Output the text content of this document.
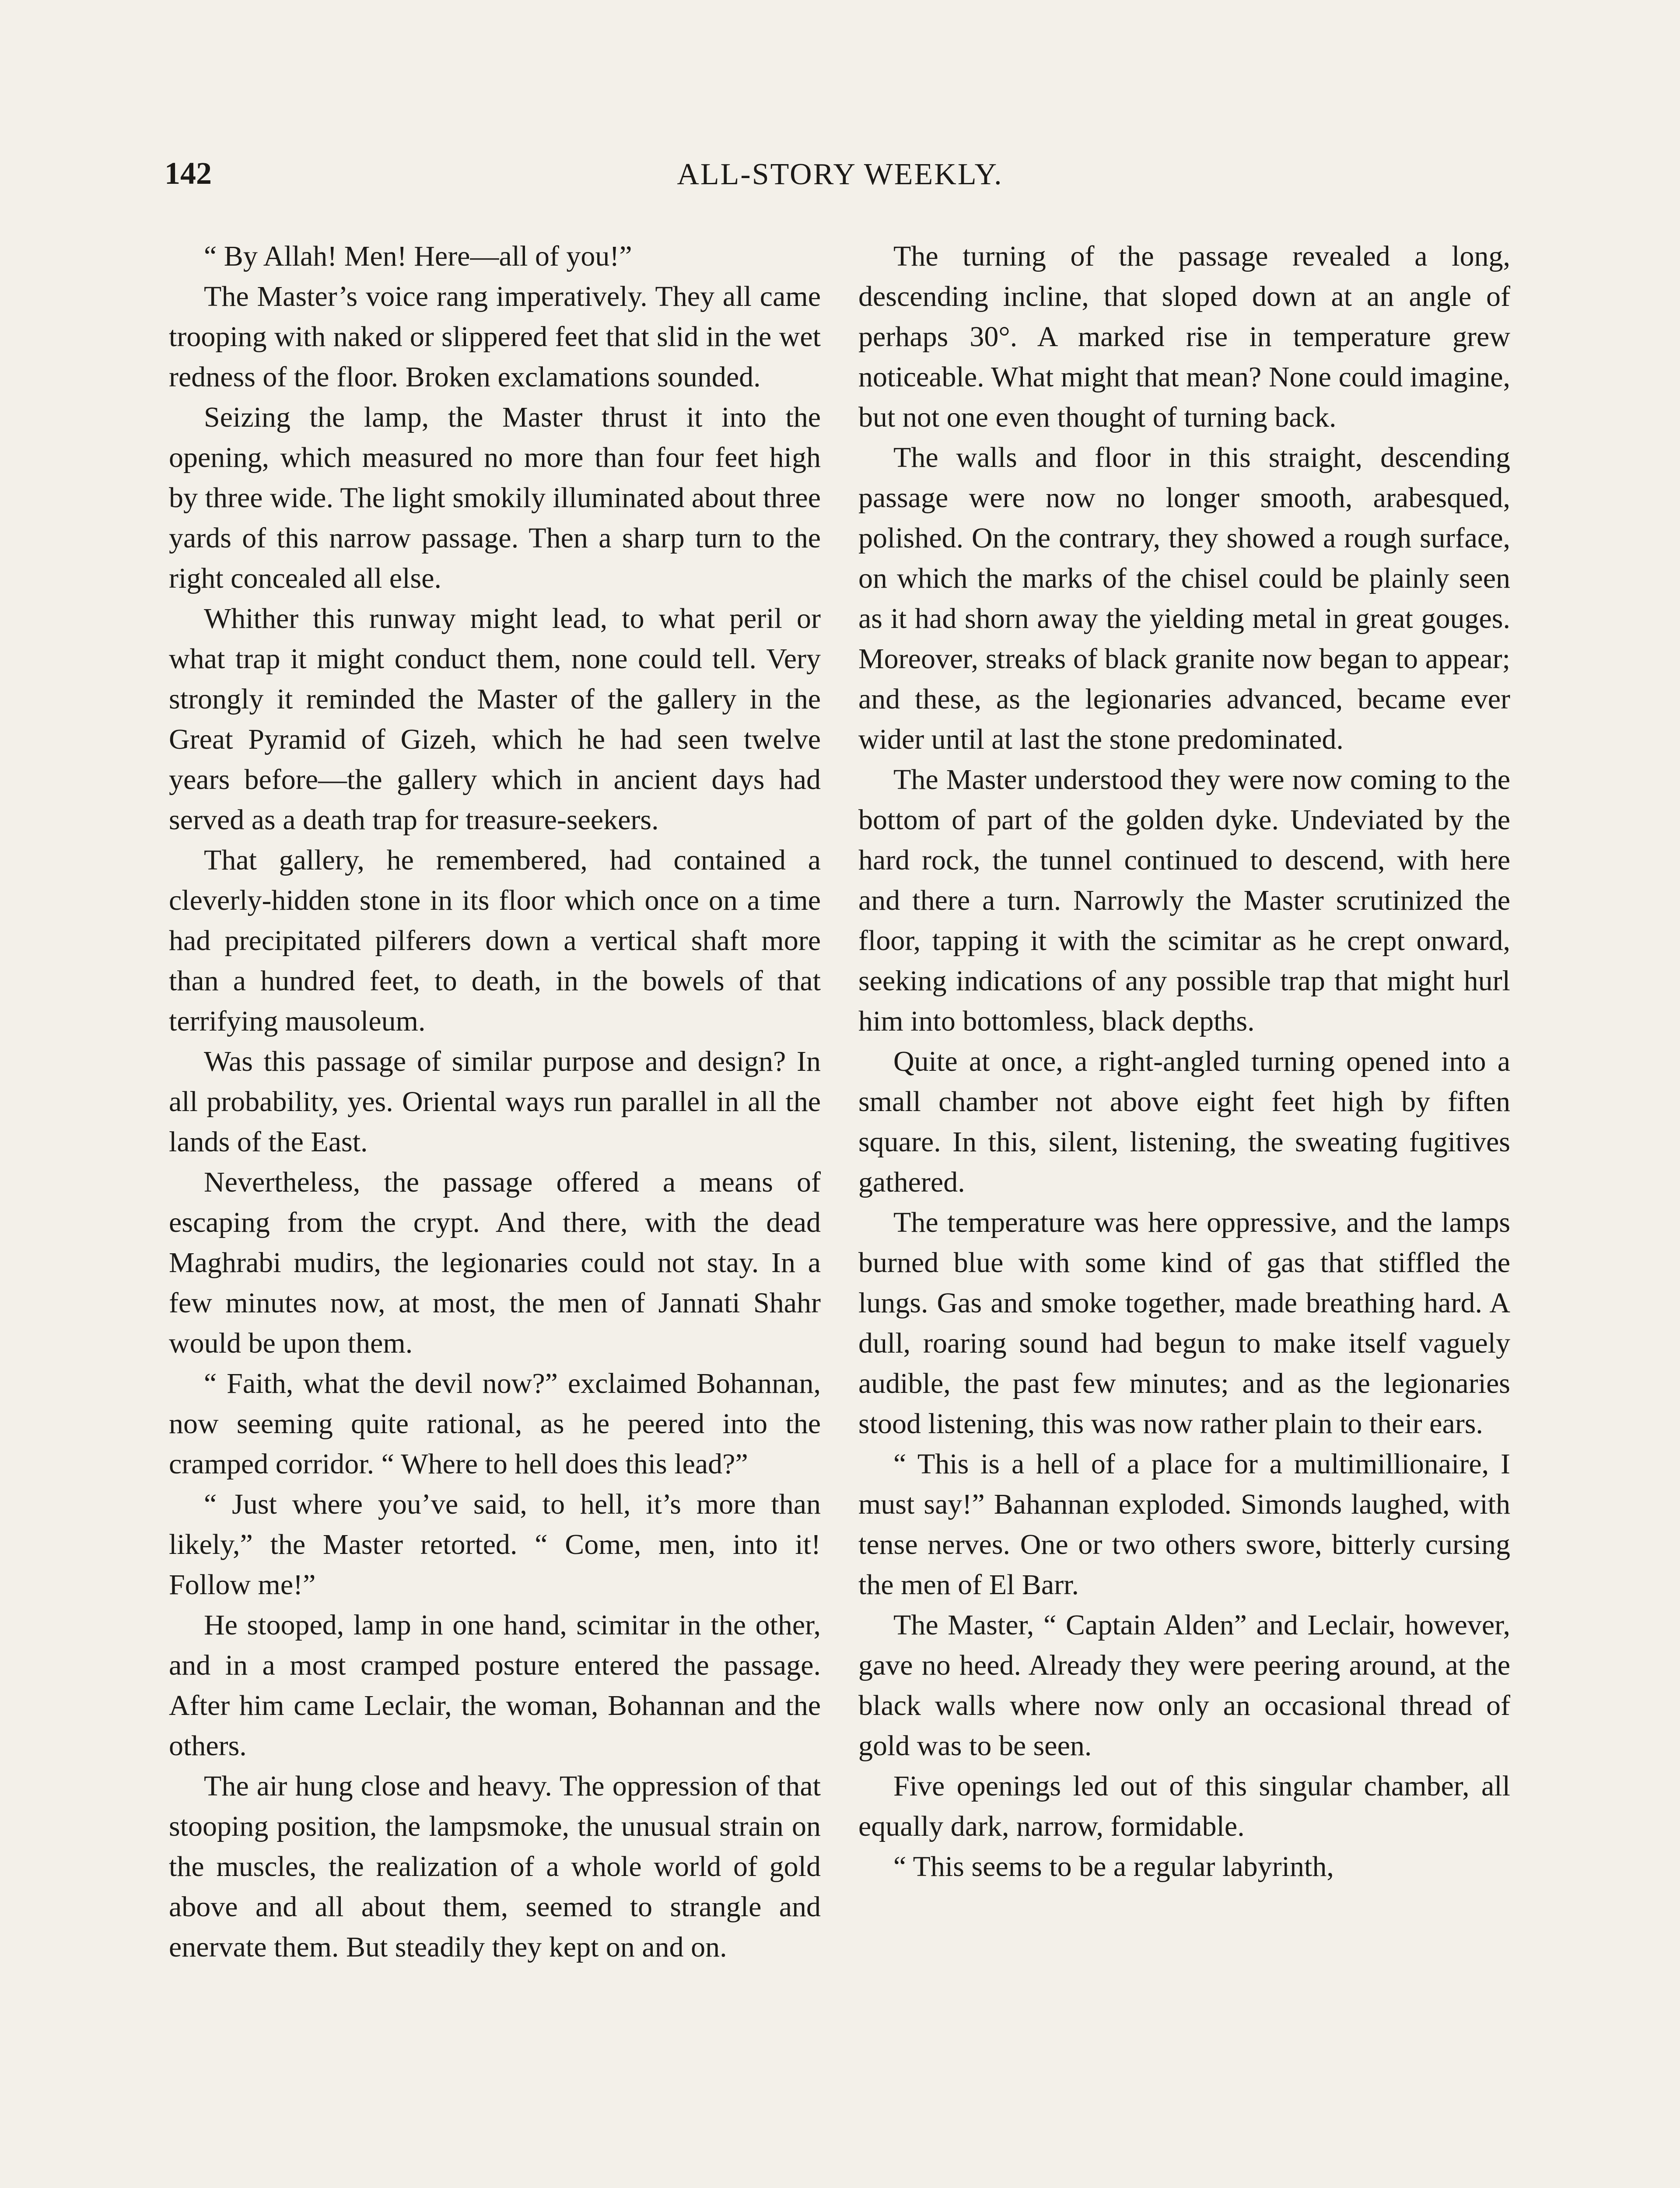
142	ALL-STORY WEEKLY.

“ By Allah! Men! Here—all of you!”

The Master’s voice rang imperatively. They all came trooping with naked or slippered feet that slid in the wet redness of the floor. Broken exclamations sounded.

Seizing the lamp, the Master thrust it into the opening, which measured no more than four feet high by three wide. The light smokily illuminated about three yards of this narrow passage. Then a sharp turn to the right concealed all else.

Whither this runway might lead, to what peril or what trap it might conduct them, none could tell. Very strongly it reminded the Master of the gallery in the Great Pyramid of Gizeh, which he had seen twelve years before—the gallery which in ancient days had served as a death trap for treasure-seekers.

That gallery, he remembered, had contained a cleverly-hidden stone in its floor which once on a time had precipitated pilferers down a vertical shaft more than a hundred feet, to death, in the bowels of that terrifying mausoleum.

Was this passage of similar purpose and design? In all probability, yes. Oriental ways run parallel in all the lands of the East.

Nevertheless, the passage offered a means of escaping from the crypt. And there, with the dead Maghrabi mudirs, the legionaries could not stay. In a few minutes now, at most, the men of Jannati Shahr would be upon them.

“ Faith, what the devil now?” exclaimed Bohannan, now seeming quite rational, as he peered into the cramped corridor. “ Where to hell does this lead?”

“ Just where you’ve said, to hell, it’s more than likely,” the Master retorted. “ Come, men, into it! Follow me!”

He stooped, lamp in one hand, scimitar in the other, and in a most cramped posture entered the passage. After him came Leclair, the woman, Bohannan and the others.

The air hung close and heavy. The oppression of that stooping position, the lampsmoke, the unusual strain on the muscles, the realization of a whole world of gold above and all about them, seemed to strangle and enervate them. But steadily they kept on and on.

The turning of the passage revealed a long, descending incline, that sloped down at an angle of perhaps 30°. A marked rise in temperature grew noticeable. What might that mean? None could imagine, but not one even thought of turning back.

The walls and floor in this straight, descending passage were now no longer smooth, arabesqued, polished. On the contrary, they showed a rough surface, on which the marks of the chisel could be plainly seen as it had shorn away the yielding metal in great gouges. Moreover, streaks of black granite now began to appear; and these, as the legionaries advanced, became ever wider until at last the stone predominated.

The Master understood they were now coming to the bottom of part of the golden dyke. Undeviated by the hard rock, the tunnel continued to descend, with here and there a turn. Narrowly the Master scrutinized the floor, tapping it with the scimitar as he crept onward, seeking indications of any possible trap that might hurl him into bottomless, black depths.

Quite at once, a right-angled turning opened into a small chamber not above eight feet high by fiften square. In this, silent, listening, the sweating fugitives gathered.

The temperature was here oppressive, and the lamps burned blue with some kind of gas that stiffled the lungs. Gas and smoke together, made breathing hard. A dull, roaring sound had begun to make itself vaguely audible, the past few minutes; and as the legionaries stood listening, this was now rather plain to their ears.

“ This is a hell of a place for a multimillionaire, I must say!” Bahannan exploded. Simonds laughed, with tense nerves. One or two others swore, bitterly cursing the men of El Barr.

The Master, “ Captain Alden” and Leclair, however, gave no heed. Already they were peering around, at the black walls where now only an occasional thread of gold was to be seen.

Five openings led out of this singular chamber, all equally dark, narrow, formidable.

“ This seems to be a regular labyrinth,
